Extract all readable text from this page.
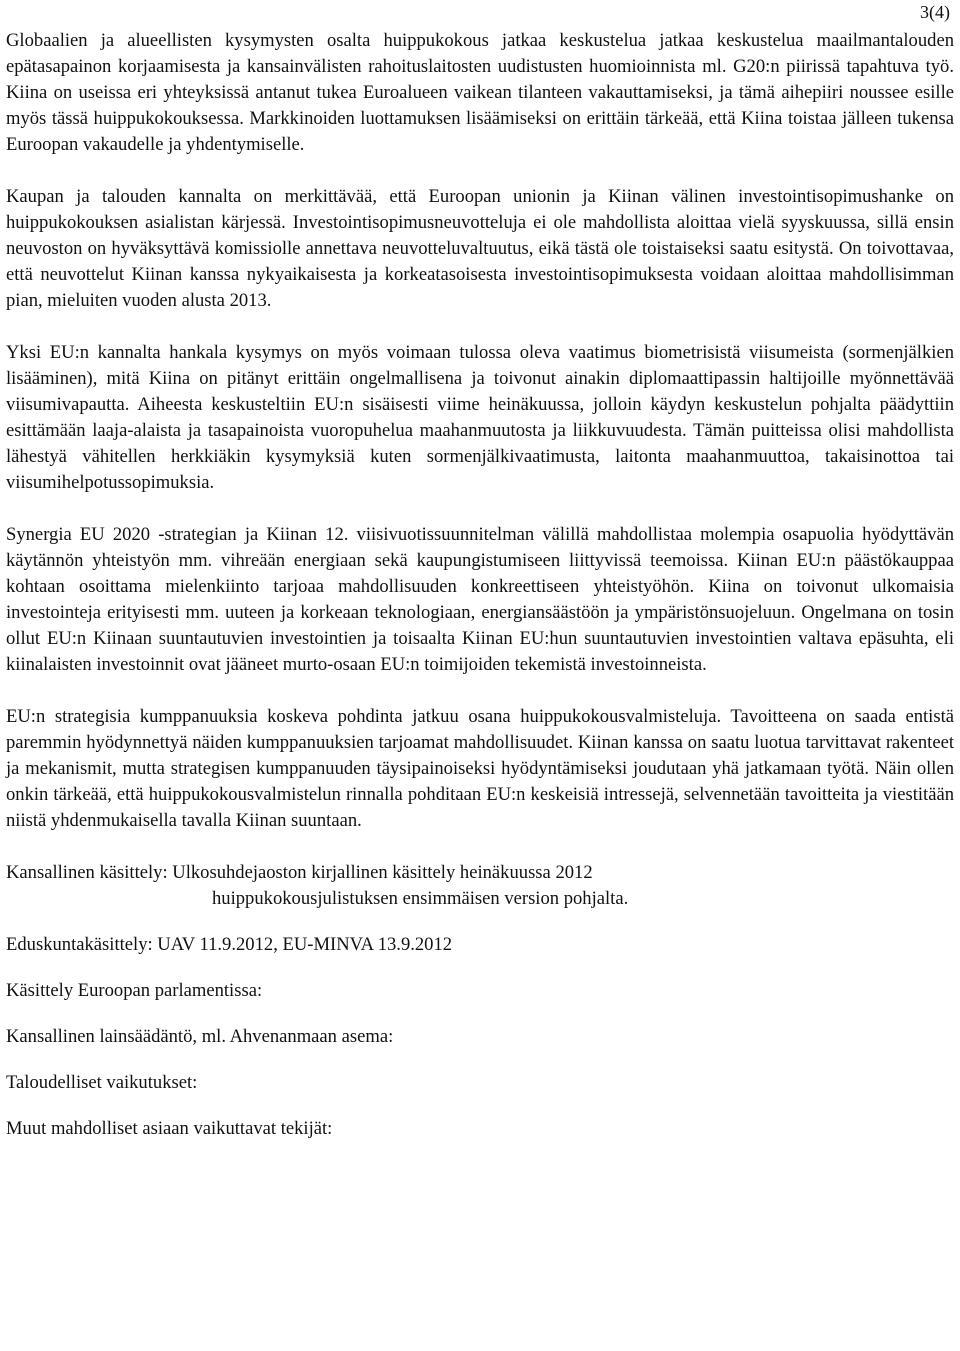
3(4)

Globaalien ja alueellisten kysymysten osalta huippukokous jatkaa keskustelua jatkaa keskustelua maailmantalouden epätasapainon korjaamisesta ja kansainvälisten rahoituslaitosten uudistusten huomioinnista ml. G20:n piirissä tapahtuva työ. Kiina on useissa eri yhteyksissä antanut tukea Euroalueen vaikean tilanteen vakauttamiseksi, ja tämä aihepiiri noussee esille myös tässä huippukokouksessa. Markkinoiden luottamuksen lisäämiseksi on erittäin tärkeää, että Kiina toistaa jälleen tukensa Euroopan vakaudelle ja yhdentymiselle.

Kaupan ja talouden kannalta on merkittävää, että Euroopan unionin ja Kiinan välinen investointisopimushanke on huippukokouksen asialistan kärjessä. Investointisopimusneuvotteluja ei ole mahdollista aloittaa vielä syyskuussa, sillä ensin neuvoston on hyväksyttävä komissiolle annettava neuvotteluvaltuutus, eikä tästä ole toistaiseksi saatu esitystä. On toivottavaa, että neuvottelut Kiinan kanssa nykyaikaisesta ja korkeatasoisesta investointisopimuksesta voidaan aloittaa mahdollisimman pian, mieluiten vuoden alusta 2013.

Yksi EU:n kannalta hankala kysymys on myös voimaan tulossa oleva vaatimus biometrisistä viisumeista (sormenjälkien lisääminen), mitä Kiina on pitänyt erittäin ongelmallisena ja toivonut ainakin diplomaattipassin haltijoille myönnettävää viisumivapautta. Aiheesta keskusteltiin EU:n sisäisesti viime heinäkuussa, jolloin käydyn keskustelun pohjalta päädyttiin esittämään laaja-alaista ja tasapainoista vuoropuhelua maahanmuutosta ja liikkuvuudesta. Tämän puitteissa olisi mahdollista lähestyä vähitellen herkkiäkin kysymyksiä kuten sormenjälkivaatimusta, laitonta maahanmuuttoa, takaisinottoa tai viisumihelpotussopimuksia.

Synergia EU 2020 -strategian ja Kiinan 12. viisivuotissuunnitelman välillä mahdollistaa molempia osapuolia hyödyttävän käytännön yhteistyön mm. vihreään energiaan sekä kaupungistumiseen liittyvissä teemoissa. Kiinan EU:n päästökauppaa kohtaan osoittama mielenkiinto tarjoaa mahdollisuuden konkreettiseen yhteistyöhön. Kiina on toivonut ulkomaisia investointeja erityisesti mm. uuteen ja korkeaan teknologiaan, energiansäästöön ja ympäristönsuojeluun. Ongelmana on tosin ollut EU:n Kiinaan suuntautuvien investointien ja toisaalta Kiinan EU:hun suuntautuvien investointien valtava epäsuhta, eli kiinalaisten investoinnit ovat jääneet murto-osaan EU:n toimijoiden tekemistä investoinneista.

EU:n strategisia kumppanuuksia koskeva pohdinta jatkuu osana huippukokousvalmisteluja. Tavoitteena on saada entistä paremmin hyödynnettyä näiden kumppanuuksien tarjoamat mahdollisuudet. Kiinan kanssa on saatu luotua tarvittavat rakenteet ja mekanismit, mutta strategisen kumppanuuden täysipainoiseksi hyödyntämiseksi joudutaan yhä jatkamaan työtä. Näin ollen onkin tärkeää, että huippukokousvalmistelun rinnalla pohditaan EU:n keskeisiä intressejä, selvennetään tavoitteita ja viestitään niistä yhdenmukaisella tavalla Kiinan suuntaan.

Kansallinen käsittely: Ulkosuhdejaoston kirjallinen käsittely heinäkuussa 2012

huippukokousjulistuksen ensimmäisen version pohjalta.

Eduskuntakäsittely: UAV 11.9.2012, EU-MINVA 13.9.2012

Käsittely Euroopan parlamentissa:

Kansallinen lainsäädäntö, ml. Ahvenanmaan asema:

Taloudelliset vaikutukset:

Muut mahdolliset asiaan vaikuttavat tekijät:
